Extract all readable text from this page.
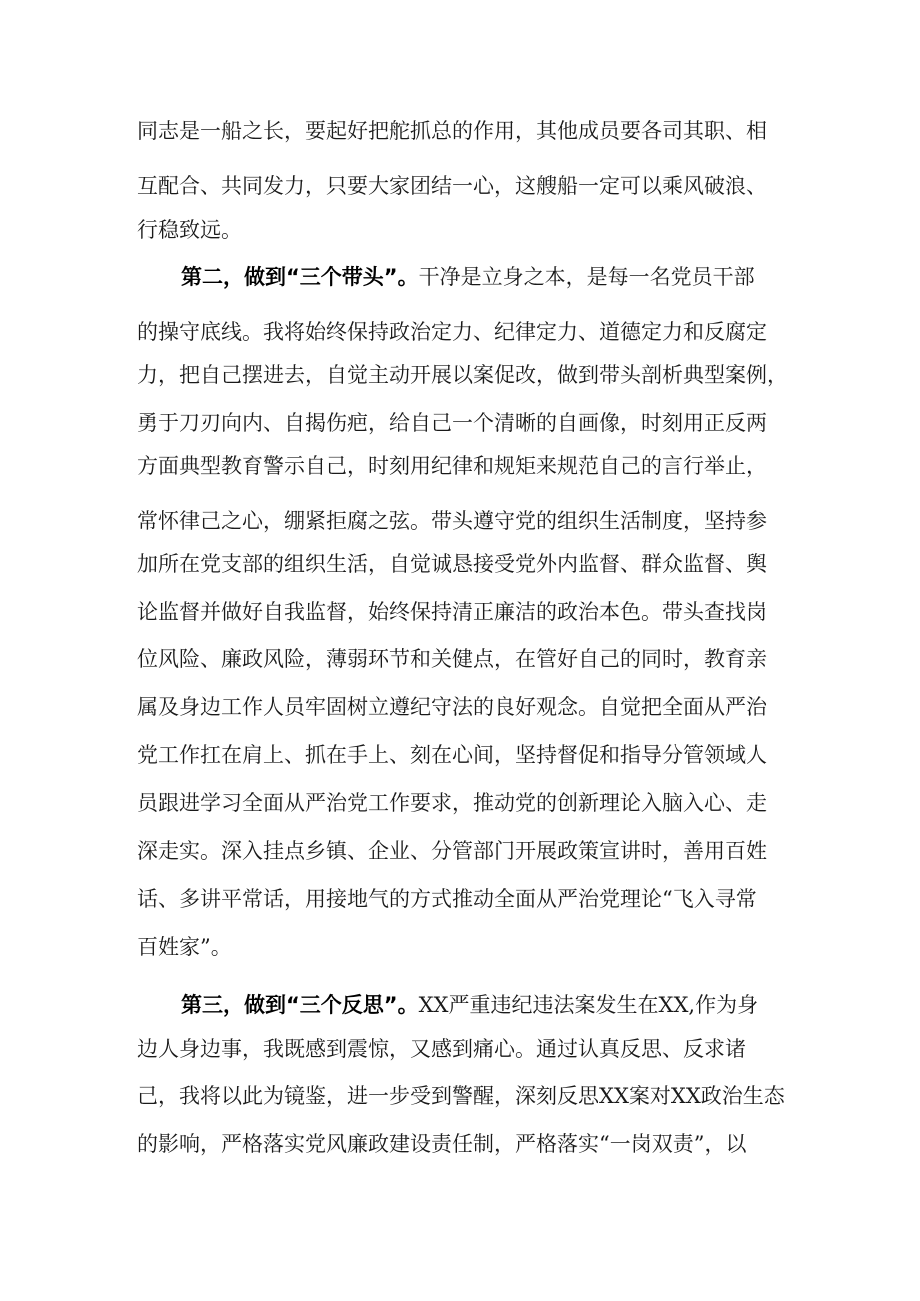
同志是一船之长，要起好把舵抓总的作用，其他成员要各司其职、相

互配合、共同发力，只要大家团结一心，这艘船一定可以乘风破浪、

行稳致远。

第二，做到“三个带头”。干净是立身之本，是每一名党员干部

的操守底线。我将始终保持政治定力、纪律定力、道德定力和反腐定

力，把自己摆进去，自觉主动开展以案促改，做到带头剖析典型案例，

勇于刀刃向内、自揭伤疤，给自己一个清晰的自画像，时刻用正反两

方面典型教育警示自己，时刻用纪律和规矩来规范自己的言行举止，

常怀律己之心，绷紧拒腐之弦。带头遵守党的组织生活制度，坚持参

加所在党支部的组织生活，自觉诚恳接受党外内监督、群众监督、舆

论监督并做好自我监督，始终保持清正廉洁的政治本色。带头查找岗

位风险、廉政风险，薄弱环节和关健点，在管好自己的同时，教育亲

属及身边工作人员牢固树立遵纪守法的良好观念。自觉把全面从严治

党工作扛在肩上、抓在手上、刻在心间，坚持督促和指导分管领域人

员跟进学习全面从严治党工作要求，推动党的创新理论入脑入心、走

深走实。深入挂点乡镇、企业、分管部门开展政策宣讲时，善用百姓

话、多讲平常话，用接地气的方式推动全面从严治党理论“飞入寻常

百姓家”。

第三，做到“三个反思”。XX严重违纪违法案发生在XX,作为身

边人身边事，我既感到震惊，又感到痛心。通过认真反思、反求诸

己，我将以此为镜鉴，进一步受到警醒，深刻反思XX案对XX政治生态

的影响，严格落实党风廉政建设责任制，严格落实“一岗双责”，以
